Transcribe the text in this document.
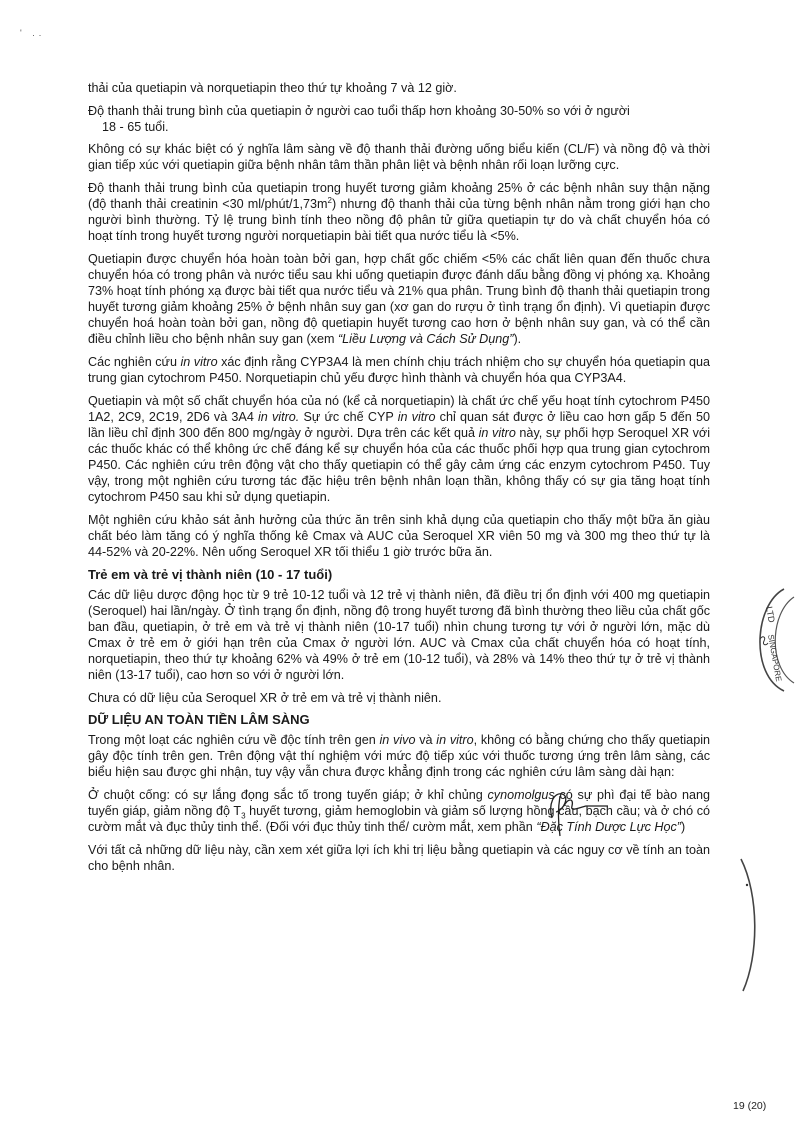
' ..

thải của quetiapin và norquetiapin theo thứ tự khoảng 7 và 12 giờ.

Độ thanh thải trung bình của quetiapin ở người cao tuổi thấp hơn khoảng 30-50% so với ở người

18 - 65 tuổi.

Không có sự khác biệt có ý nghĩa lâm sàng về độ thanh thải đường uống biểu kiến (CL/F) và nồng độ và thời gian tiếp xúc với quetiapin giữa bệnh nhân tâm thần phân liệt và bệnh nhân rối loạn lưỡng cực.

Độ thanh thải trung bình của quetiapin trong huyết tương giảm khoảng 25% ở các bệnh nhân suy thận nặng (độ thanh thải creatinin <30 $ml/phút/1,73m^2$) nhưng độ thanh thải của từng bệnh nhân nằm trong giới hạn cho người bình thường. Tỷ lệ trung bình tính theo nồng độ phân tử giữa quetiapin tự do và chất chuyển hóa có hoạt tính trong huyết tương người norquetiapin bài tiết qua nước tiểu là <5%.

Quetiapin được chuyển hóa hoàn toàn bởi gan, hợp chất gốc chiếm <5% các chất liên quan đến thuốc chưa chuyển hóa có trong phân và nước tiểu sau khi uống quetiapin được đánh dấu bằng đồng vị phóng xạ. Khoảng 73% hoạt tính phóng xạ được bài tiết qua nước tiểu và 21% qua phân. Trung bình độ thanh thải quetiapin trong huyết tương giảm khoảng 25% ở bệnh nhân suy gan (xơ gan do rượu ở tình trạng ổn định). Vì quetiapin được chuyển hoá hoàn toàn bởi gan, nồng độ quetiapin huyết tương cao hơn ở bệnh nhân suy gan, và có thể cần điều chỉnh liều cho bệnh nhân suy gan (xem “Liều Lượng và Cách Sử Dụng”).

Các nghiên cứu in vitro xác định rằng CYP3A4 là men chính chịu trách nhiệm cho sự chuyển hóa quetiapin qua trung gian cytochrom P450. Norquetiapin chủ yếu được hình thành và chuyển hóa qua CYP3A4.

Quetiapin và một số chất chuyển hóa của nó (kể cả norquetiapin) là chất ức chế yếu hoạt tính cytochrom P450 1A2, 2C9, 2C19, 2D6 và 3A4 in vitro. Sự ức chế CYP in vitro chỉ quan sát được ở liều cao hơn gấp 5 đến 50 lần liều chỉ định 300 đến 800 mg/ngày ở người. Dựa trên các kết quả in vitro này, sự phối hợp Seroquel XR với các thuốc khác có thể không ức chế đáng kể sự chuyển hóa của các thuốc phối hợp qua trung gian cytochrom P450. Các nghiên cứu trên động vật cho thấy quetiapin có thể gây cảm ứng các enzym cytochrom P450. Tuy vậy, trong một nghiên cứu tương tác đặc hiệu trên bệnh nhân loạn thần, không thấy có sự gia tăng hoạt tính cytochrom P450 sau khi sử dụng quetiapin.

Một nghiên cứu khảo sát ảnh hưởng của thức ăn trên sinh khả dụng của quetiapin cho thấy một bữa ăn giàu chất béo làm tăng có ý nghĩa thống kê Cmax và AUC của Seroquel XR viên 50 mg và 300 mg theo thứ tự là 44-52% và 20-22%. Nên uống Seroquel XR tối thiểu 1 giờ trước bữa ăn.

Trẻ em và trẻ vị thành niên (10 - 17 tuổi)

Các dữ liệu dược động học từ 9 trẻ 10-12 tuổi và 12 trẻ vị thành niên, đã điều trị ổn định với 400 mg quetiapin (Seroquel) hai lần/ngày. Ở tình trạng ổn định, nồng độ trong huyết tương đã bình thường theo liều của chất gốc ban đầu, quetiapin, ở trẻ em và trẻ vị thành niên (10-17 tuổi) nhìn chung tương tự với ở người lớn, mặc dù Cmax ở trẻ em ở giới hạn trên của Cmax ở người lớn. AUC và Cmax của chất chuyển hóa có hoạt tính, norquetiapin, theo thứ tự khoảng 62% và 49% ở trẻ em (10-12 tuổi), và 28% và 14% theo thứ tự ở trẻ vị thành niên (13-17 tuổi), cao hơn so với ở người lớn.

Chưa có dữ liệu của Seroquel XR ở trẻ em và trẻ vị thành niên.

DỮ LIỆU AN TOÀN TIỀN LÂM SÀNG

Trong một loạt các nghiên cứu về độc tính trên gen in vivo và in vitro, không có bằng chứng cho thấy quetiapin gây độc tính trên gen. Trên động vật thí nghiệm với mức độ tiếp xúc với thuốc tương ứng trên lâm sàng, các biểu hiện sau được ghi nhận, tuy vậy vẫn chưa được khẳng định trong các nghiên cứu lâm sàng dài hạn:

Ở chuột cống: có sự lắng đọng sắc tố trong tuyến giáp; ở khỉ chủng cynomolgus có sự phì đại tế bào nang tuyến giáp, giảm nồng độ $T_3$ huyết tương, giảm hemoglobin và giảm số lượng hồng cầu, bạch cầu; và ở chó có cườm mắt và đục thủy tinh thể. (Đối với đục thủy tinh thể/ cườm mắt, xem phần “Đặc Tính Dược Lực Học”)

Với tất cả những dữ liệu này, cần xem xét giữa lợi ích khi trị liệu bằng quetiapin và các nguy cơ về tính an toàn cho bệnh nhân.

LTD
SINGAPORE
19 (20)
